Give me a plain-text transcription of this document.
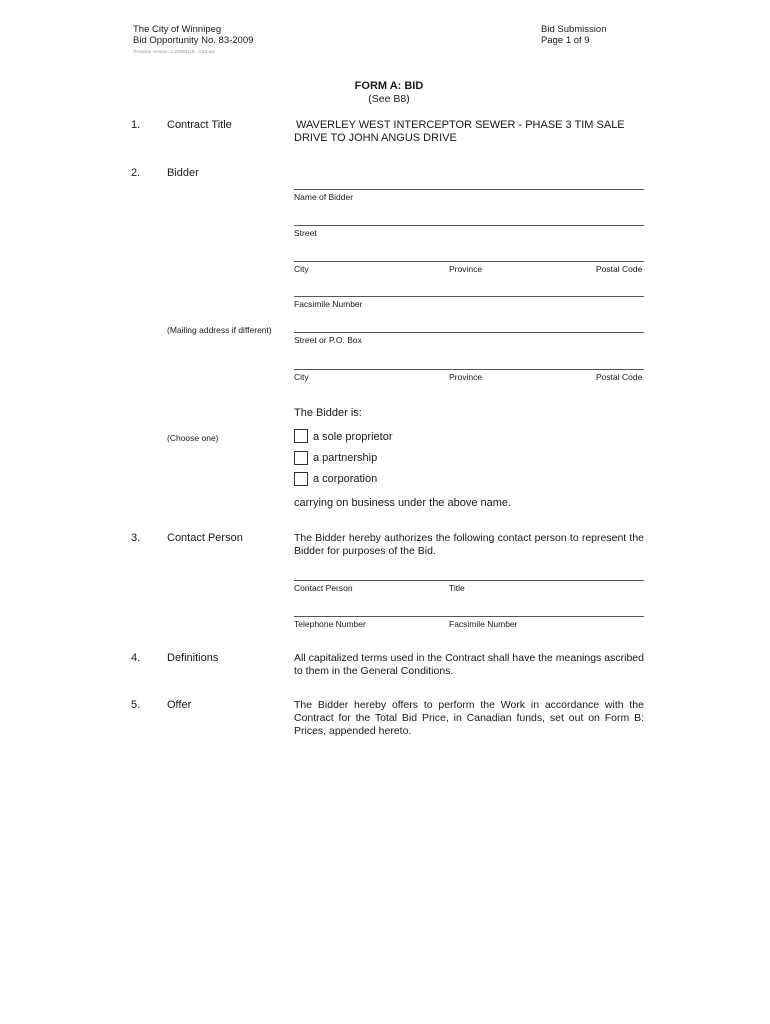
The City of Winnipeg
Bid Opportunity No. 83-2009
Template Version: C 20090119 - C&S.wd
Bid Submission
Page 1 of 9
FORM A: BID
(See B8)
1. Contract Title	WAVERLEY WEST INTERCEPTOR SEWER - PHASE 3 TIM SALE
DRIVE TO JOHN ANGUS DRIVE
2. Bidder
Name of Bidder
Street
City	Province	Postal Code
Facsimile Number
(Mailing address if different)
Street or P.O. Box
City	Province	Postal Code
The Bidder is:
(Choose one)	a sole proprietor
a partnership
a corporation
carrying on business under the above name.
3. Contact Person	The Bidder hereby authorizes the following contact person to represent the Bidder for purposes of the Bid.
Contact Person	Title
Telephone Number	Facsimile Number
4. Definitions	All capitalized terms used in the Contract shall have the meanings ascribed to them in the General Conditions.
5. Offer	The Bidder hereby offers to perform the Work in accordance with the Contract for the Total Bid Price, in Canadian funds, set out on Form B: Prices, appended hereto.
